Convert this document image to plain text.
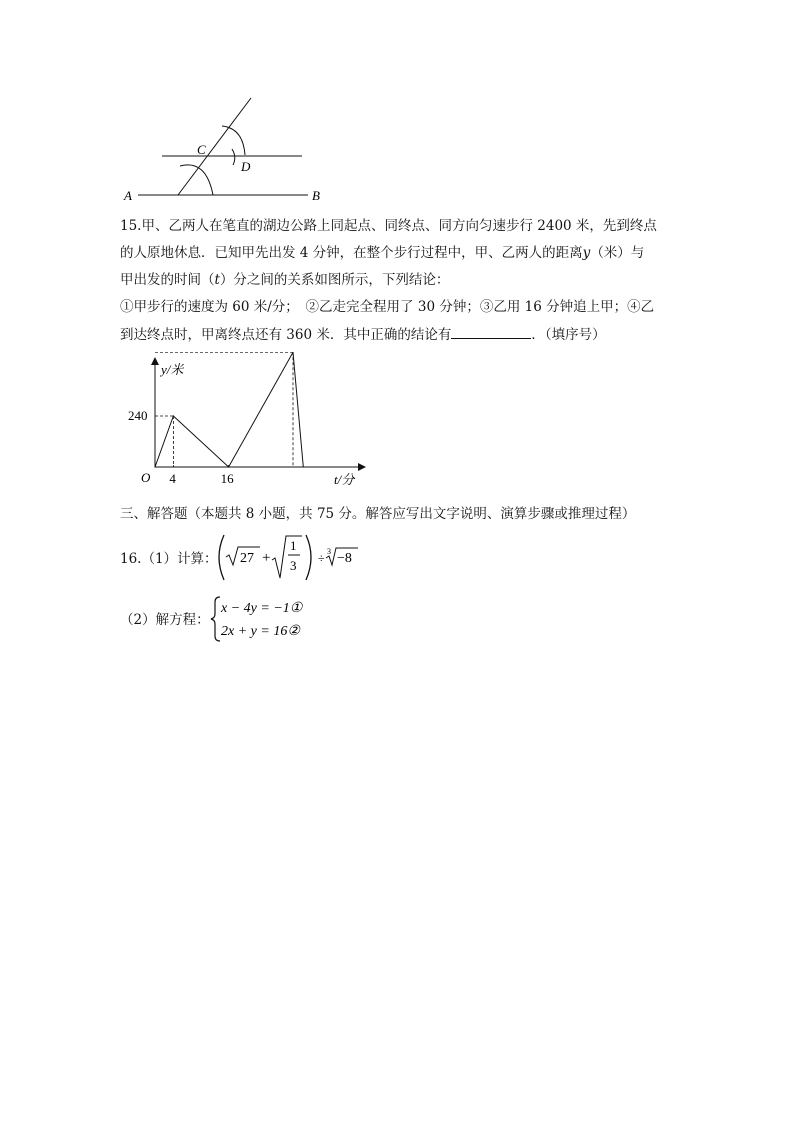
C
D
A	B
15.甲、乙两人在笔直的湖边公路上同起点、同终点、同方向匀速步行 2400 米，先到终点
的人原地休息．已知甲先出发 4 分钟，在整个步行过程中，甲、乙两人的距离y（米）与
甲出发的时间（t）分之间的关系如图所示，下列结论：
①甲步行的速度为 60 米/分；　②乙走完全程用了 30 分钟；③乙用 16 分钟追上甲；④乙
到达终点时，甲离终点还有 360 米．其中正确的结论有	．（填序号）
y/米
t/分
O
240
4	16
三、解答题（本题共 8 小题，共 75 分。解答应写出文字说明、演算步骤或推理过程）
16.（1）计算： 27 +
1
3 ÷ 3 −8
（2）解方程：
x − 4y = −1①
2x + y = 16②
